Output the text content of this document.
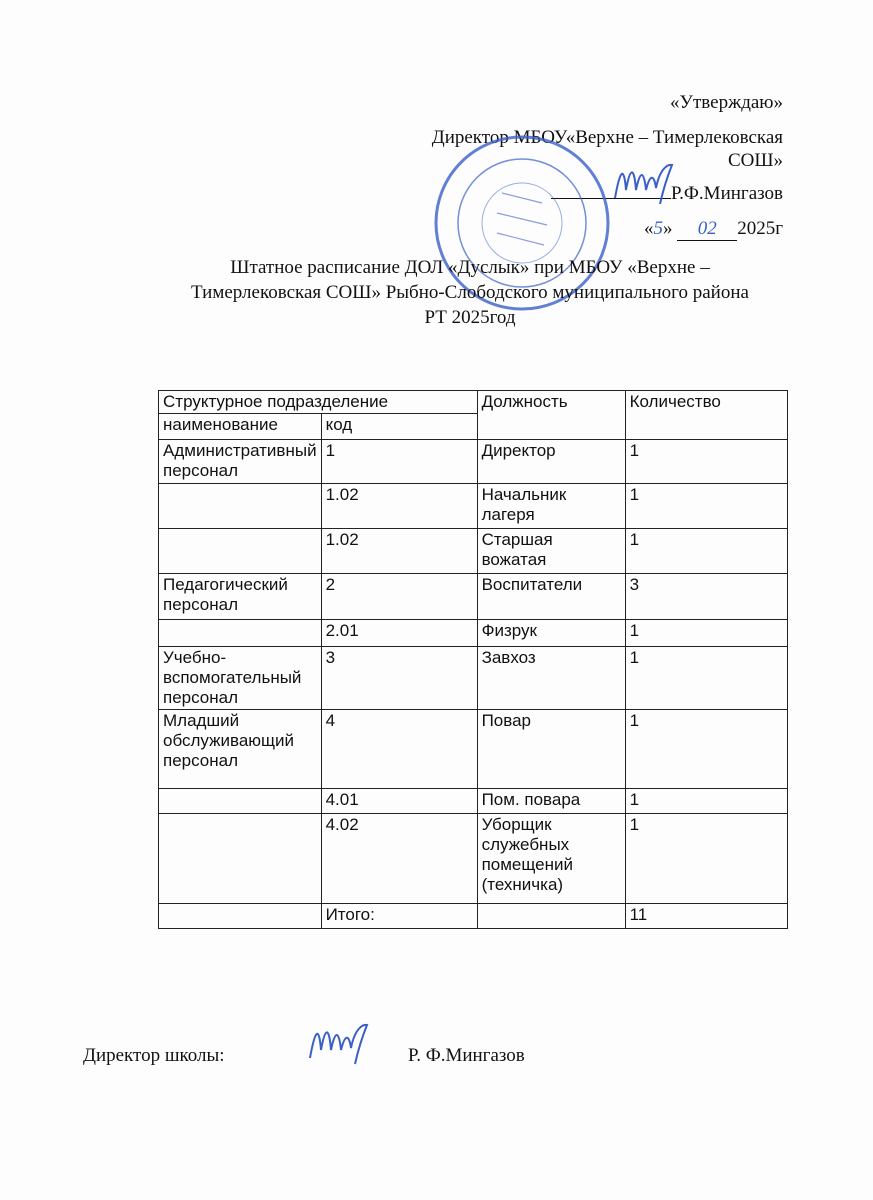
«Утверждаю»
Директор МБОУ«Верхне – Тимерлековская
СОШ»
Р.Ф.Мингазов
«5» 02 2025г
Штатное расписание ДОЛ «Дуслык» при МБОУ «Верхне –
Тимерлековская СОШ» Рыбно-Слободского муниципального района
РТ 2025год
Структурное подразделение		Должность	Количество
наименование	код		
Административный персонал	1	Директор	1
	1.02	Начальник лагеря	1
	1.02	Старшая вожатая	1
Педагогический персонал	2	Воспитатели	3
	2.01	Физрук	1
Учебно-вспомогательный персонал	3	Завхоз	1
Младший обслуживающий персонал	4	Повар	1
	4.01	Пом. повара	1
	4.02	Уборщик служебных помещений (техничка)	1
	Итого:		11
Директор школы:	Р. Ф.Мингазов
